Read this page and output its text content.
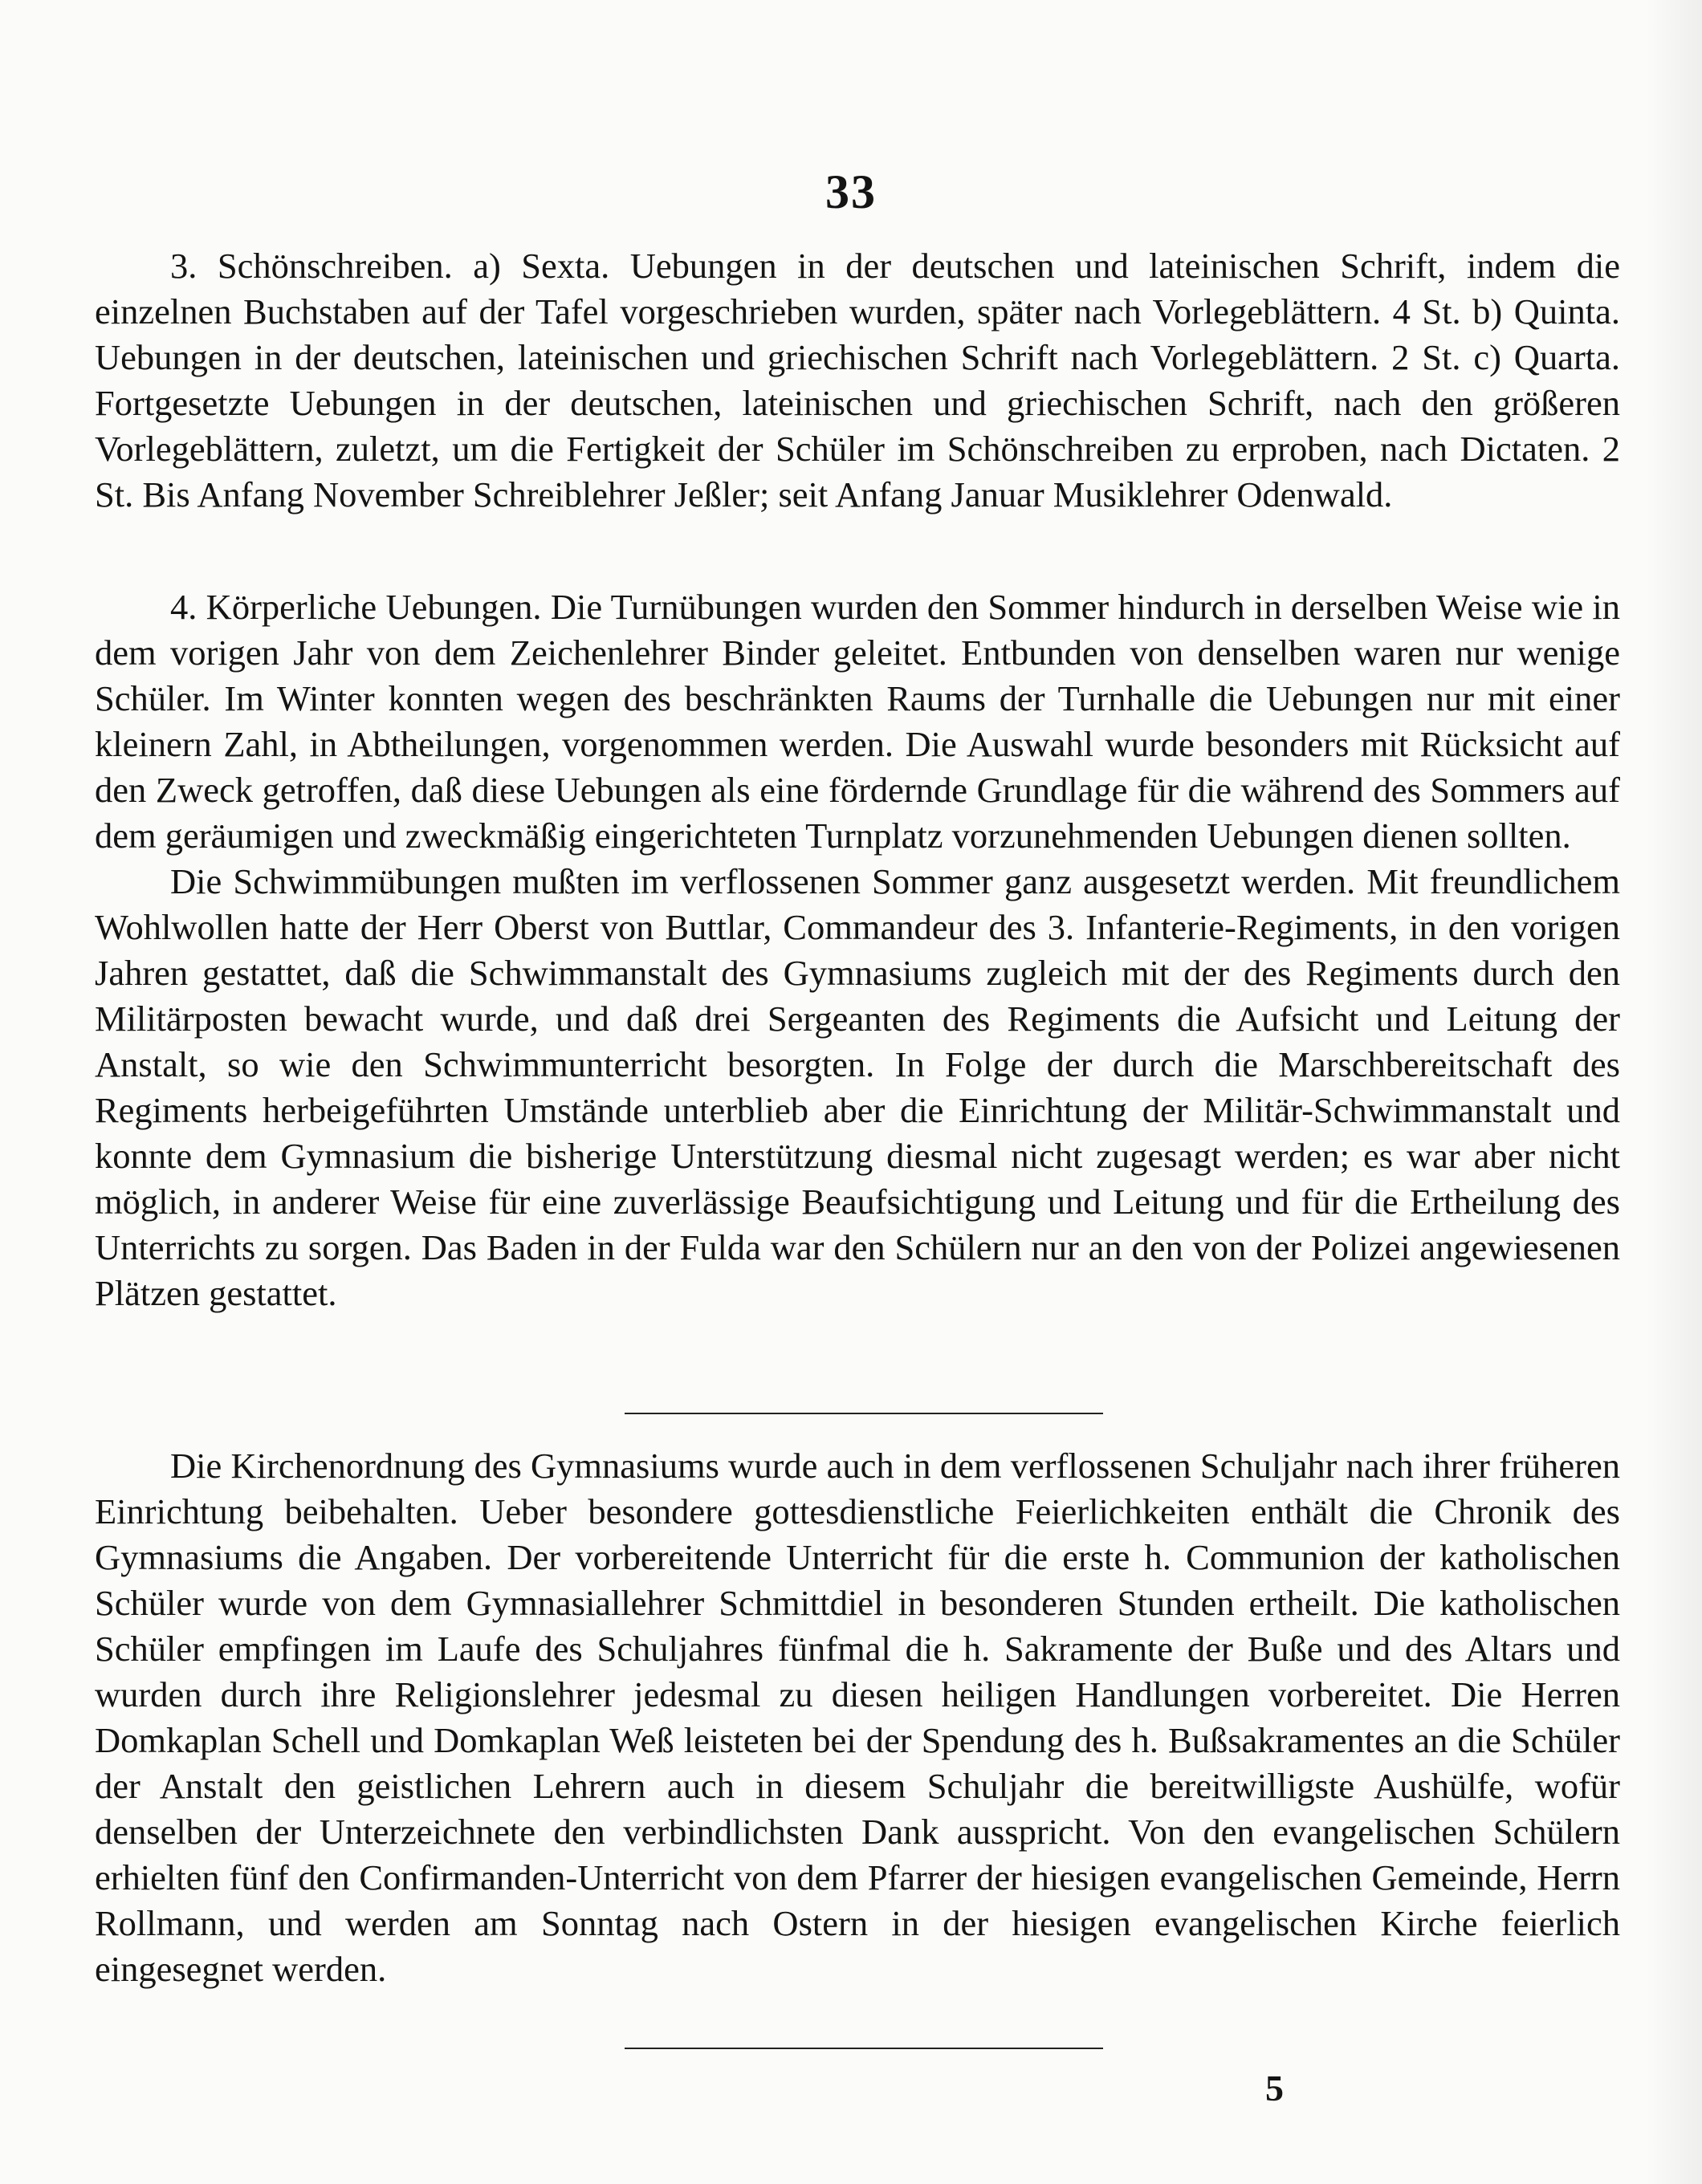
33

3. Schönschreiben. a) Sexta. Uebungen in der deutschen und lateinischen Schrift, indem die einzelnen Buchstaben auf der Tafel vorgeschrieben wurden, später nach Vorlegeblättern. 4 St. b) Quinta. Uebungen in der deutschen, lateinischen und griechischen Schrift nach Vorlegeblättern. 2 St. c) Quarta. Fortgesetzte Uebungen in der deutschen, lateinischen und griechischen Schrift, nach den größeren Vorlegeblättern, zuletzt, um die Fertigkeit der Schüler im Schönschreiben zu erproben, nach Dictaten. 2 St. Bis Anfang November Schreiblehrer Jeßler; seit Anfang Januar Musiklehrer Odenwald.

4. Körperliche Uebungen. Die Turnübungen wurden den Sommer hindurch in derselben Weise wie in dem vorigen Jahr von dem Zeichenlehrer Binder geleitet. Entbunden von denselben waren nur wenige Schüler. Im Winter konnten wegen des beschränkten Raums der Turnhalle die Uebungen nur mit einer kleinern Zahl, in Abtheilungen, vorgenommen werden. Die Auswahl wurde besonders mit Rücksicht auf den Zweck getroffen, daß diese Uebungen als eine fördernde Grundlage für die während des Sommers auf dem geräumigen und zweckmäßig eingerichteten Turnplatz vorzunehmenden Uebungen dienen sollten.

Die Schwimmübungen mußten im verflossenen Sommer ganz ausgesetzt werden. Mit freundlichem Wohlwollen hatte der Herr Oberst von Buttlar, Commandeur des 3. Infanterie-Regiments, in den vorigen Jahren gestattet, daß die Schwimmanstalt des Gymnasiums zugleich mit der des Regiments durch den Militärposten bewacht wurde, und daß drei Sergeanten des Regiments die Aufsicht und Leitung der Anstalt, so wie den Schwimmunterricht besorgten. In Folge der durch die Marschbereitschaft des Regiments herbeigeführten Umstände unterblieb aber die Einrichtung der Militär-Schwimmanstalt und konnte dem Gymnasium die bisherige Unterstützung diesmal nicht zugesagt werden; es war aber nicht möglich, in anderer Weise für eine zuverlässige Beaufsichtigung und Leitung und für die Ertheilung des Unterrichts zu sorgen. Das Baden in der Fulda war den Schülern nur an den von der Polizei angewiesenen Plätzen gestattet.

Die Kirchenordnung des Gymnasiums wurde auch in dem verflossenen Schuljahr nach ihrer früheren Einrichtung beibehalten. Ueber besondere gottesdienstliche Feierlichkeiten enthält die Chronik des Gymnasiums die Angaben. Der vorbereitende Unterricht für die erste h. Communion der katholischen Schüler wurde von dem Gymnasiallehrer Schmittdiel in besonderen Stunden ertheilt. Die katholischen Schüler empfingen im Laufe des Schuljahres fünfmal die h. Sakramente der Buße und des Altars und wurden durch ihre Religionslehrer jedesmal zu diesen heiligen Handlungen vorbereitet. Die Herren Domkaplan Schell und Domkaplan Weß leisteten bei der Spendung des h. Bußsakramentes an die Schüler der Anstalt den geistlichen Lehrern auch in diesem Schuljahr die bereitwilligste Aushülfe, wofür denselben der Unterzeichnete den verbindlichsten Dank ausspricht. Von den evangelischen Schülern erhielten fünf den Confirmanden-Unterricht von dem Pfarrer der hiesigen evangelischen Gemeinde, Herrn Rollmann, und werden am Sonntag nach Ostern in der hiesigen evangelischen Kirche feierlich eingesegnet werden.

5
